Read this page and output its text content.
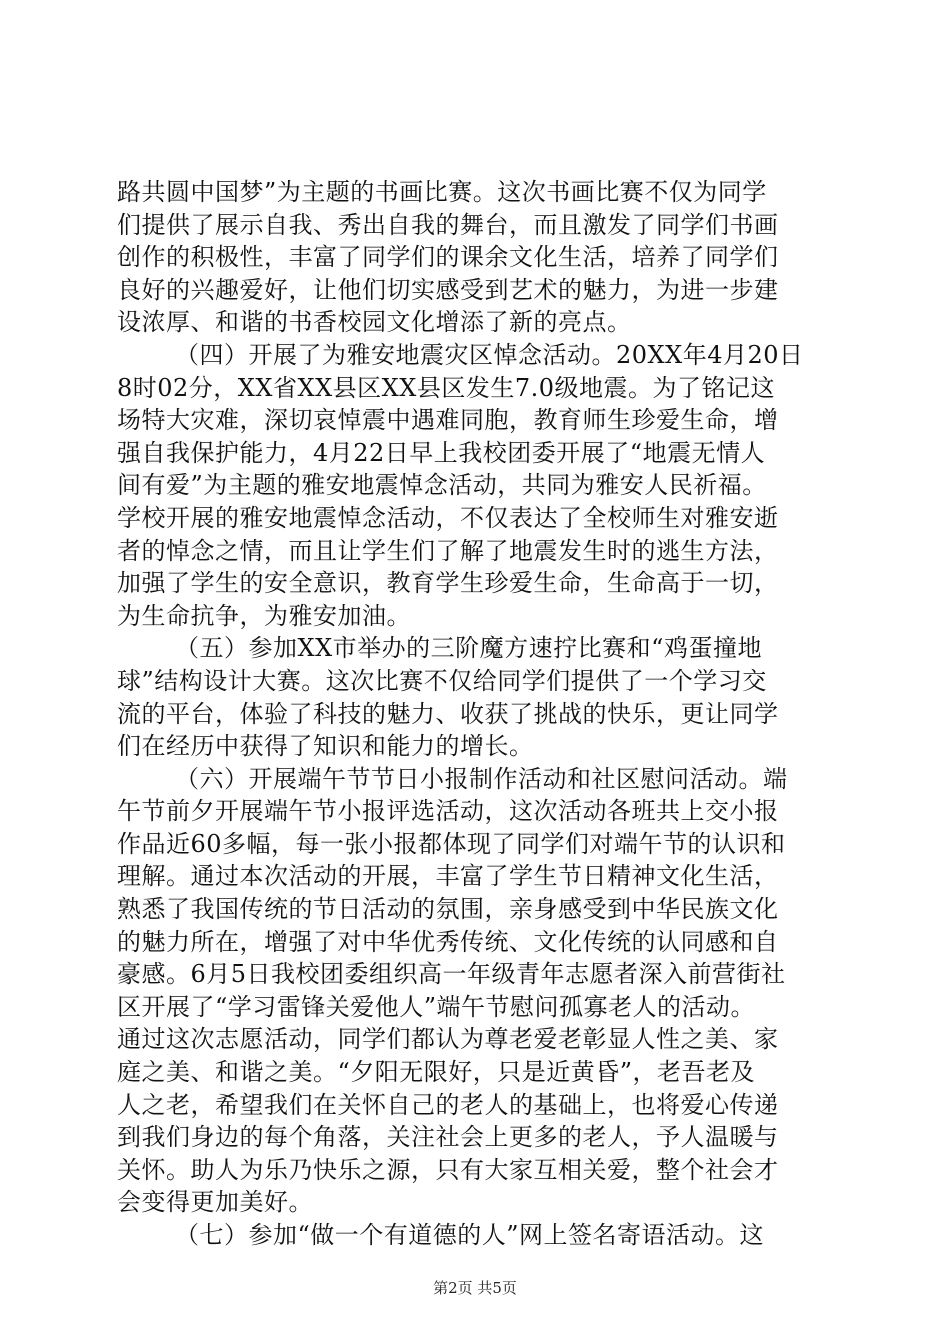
路共圆中国梦”为主题的书画比赛。这次书画比赛不仅为同学
们提供了展示自我、秀出自我的舞台，而且激发了同学们书画
创作的积极性，丰富了同学们的课余文化生活，培养了同学们
良好的兴趣爱好，让他们切实感受到艺术的魅力，为进一步建
设浓厚、和谐的书香校园文化增添了新的亮点。
（四）开展了为雅安地震灾区悼念活动。20XX年4月20日
8时02分，XX省XX县区XX县区发生7.0级地震。为了铭记这
场特大灾难，深切哀悼震中遇难同胞，教育师生珍爱生命，增
强自我保护能力，4月22日早上我校团委开展了“地震无情人
间有爱”为主题的雅安地震悼念活动，共同为雅安人民祈福。
学校开展的雅安地震悼念活动，不仅表达了全校师生对雅安逝
者的悼念之情，而且让学生们了解了地震发生时的逃生方法，
加强了学生的安全意识，教育学生珍爱生命，生命高于一切，
为生命抗争，为雅安加油。
（五）参加XX市举办的三阶魔方速拧比赛和“鸡蛋撞地
球”结构设计大赛。这次比赛不仅给同学们提供了一个学习交
流的平台，体验了科技的魅力、收获了挑战的快乐，更让同学
们在经历中获得了知识和能力的增长。
（六）开展端午节节日小报制作活动和社区慰问活动。端
午节前夕开展端午节小报评选活动，这次活动各班共上交小报
作品近60多幅，每一张小报都体现了同学们对端午节的认识和
理解。通过本次活动的开展，丰富了学生节日精神文化生活，
熟悉了我国传统的节日活动的氛围，亲身感受到中华民族文化
的魅力所在，增强了对中华优秀传统、文化传统的认同感和自
豪感。6月5日我校团委组织高一年级青年志愿者深入前营街社
区开展了“学习雷锋关爱他人”端午节慰问孤寡老人的活动。
通过这次志愿活动，同学们都认为尊老爱老彰显人性之美、家
庭之美、和谐之美。“夕阳无限好，只是近黄昏”，老吾老及
人之老，希望我们在关怀自己的老人的基础上，也将爱心传递
到我们身边的每个角落，关注社会上更多的老人，予人温暖与
关怀。助人为乐乃快乐之源，只有大家互相关爱，整个社会才
会变得更加美好。
（七）参加“做一个有道德的人”网上签名寄语活动。这
第2页 共5页
